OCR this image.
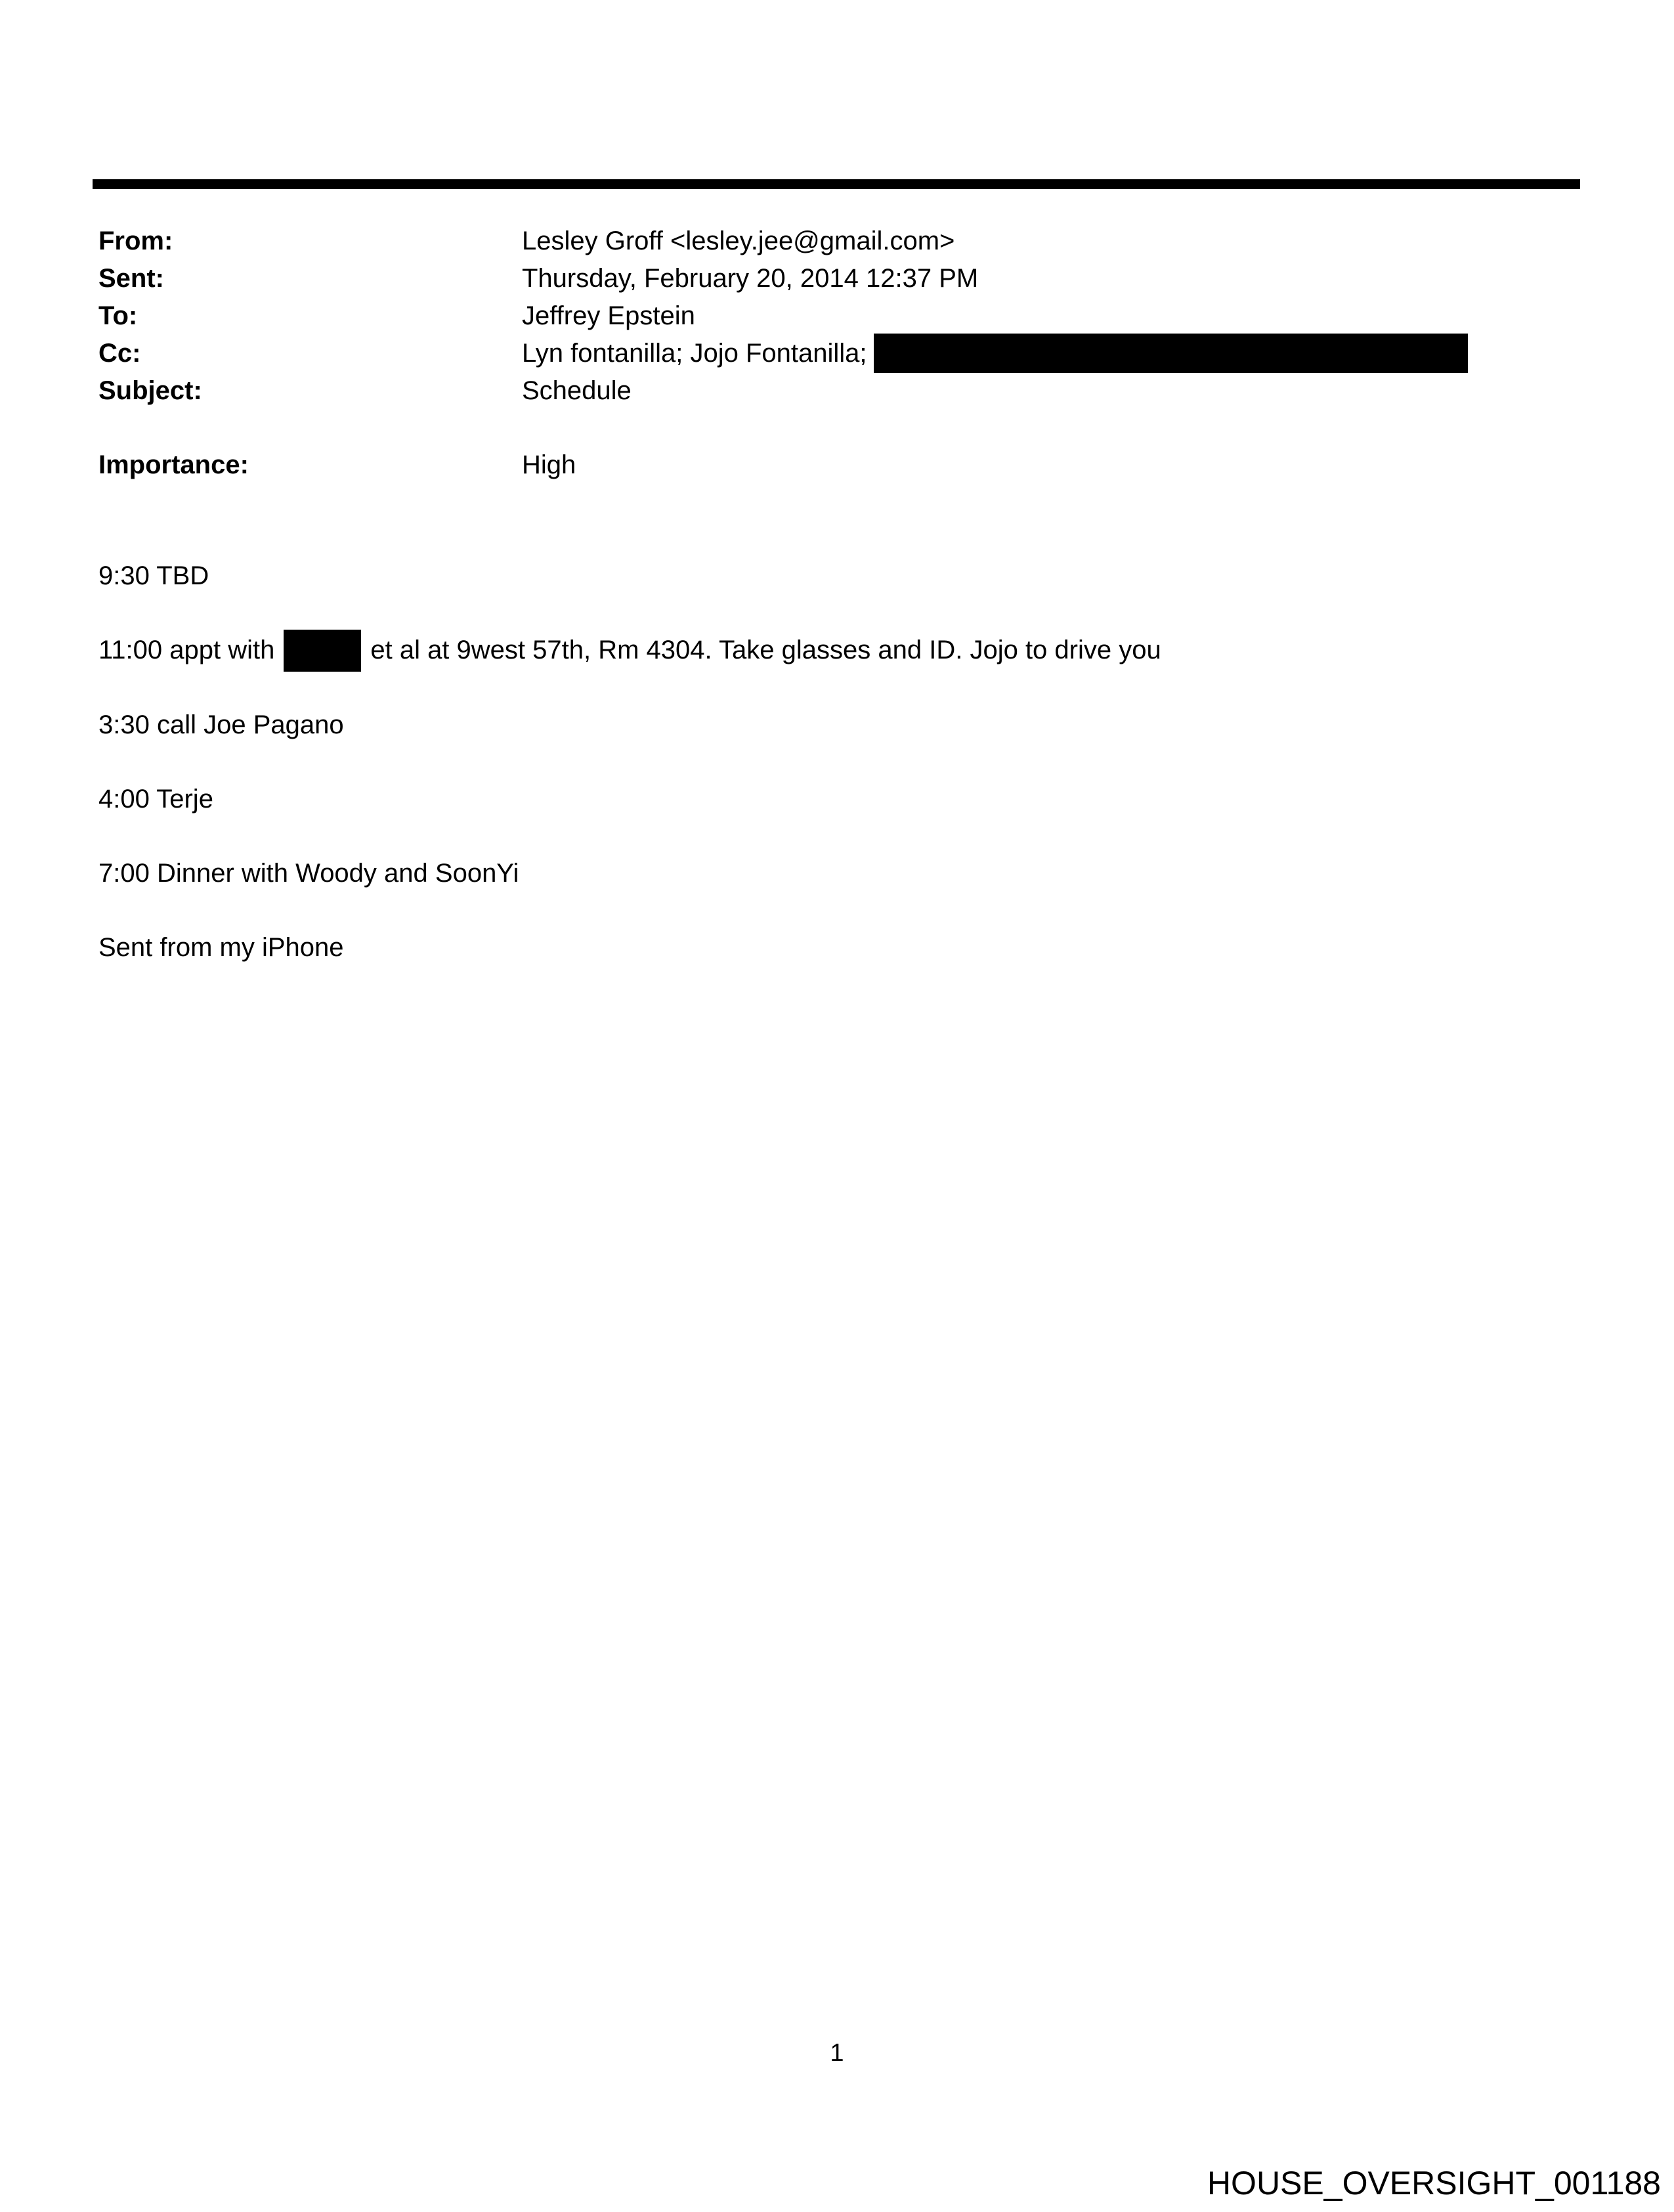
From:	Lesley Groff <lesley.jee@gmail.com>
Sent:	Thursday, February 20, 2014 12:37 PM
To:	Jeffrey Epstein
Cc:	Lyn fontanilla; Jojo Fontanilla;
Subject:	Schedule
Importance:	High

9:30 TBD

11:00 appt with	et al at 9west 57th, Rm 4304. Take glasses and ID. Jojo to drive you

3:30 call Joe Pagano

4:00 Terje

7:00 Dinner with Woody and SoonYi

Sent from my iPhone

1
HOUSE_OVERSIGHT_001188
